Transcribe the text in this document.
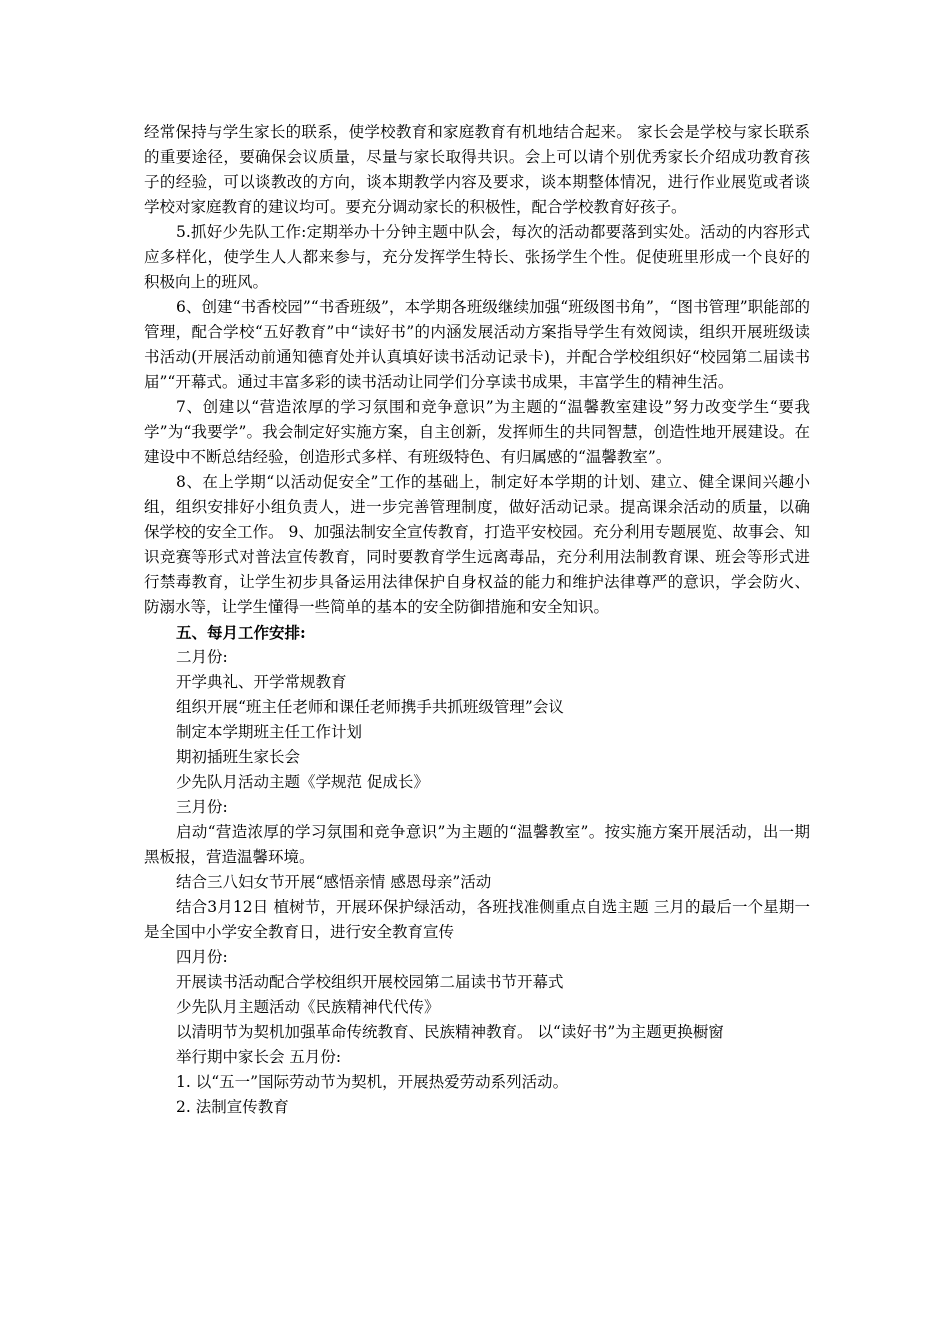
经常保持与学生家长的联系，使学校教育和家庭教育有机地结合起来。 家长会是学校与家长联系的重要途径，要确保会议质量，尽量与家长取得共识。会上可以请个别优秀家长介绍成功教育孩子的经验，可以谈教改的方向，谈本期教学内容及要求，谈本期整体情况，进行作业展览或者谈学校对家庭教育的建议均可。要充分调动家长的积极性，配合学校教育好孩子。

5.抓好少先队工作:定期举办十分钟主题中队会，每次的活动都要落到实处。活动的内容形式应多样化，使学生人人都来参与，充分发挥学生特长、张扬学生个性。促使班里形成一个良好的积极向上的班风。

6、创建“书香校园”“书香班级”，本学期各班级继续加强“班级图书角”，“图书管理”职能部的管理，配合学校“五好教育”中“读好书”的内涵发展活动方案指导学生有效阅读，组织开展班级读书活动(开展活动前通知德育处并认真填好读书活动记录卡)，并配合学校组织好“校园第二届读书届”“开幕式。通过丰富多彩的读书活动让同学们分享读书成果，丰富学生的精神生活。

7、创建以“营造浓厚的学习氛围和竞争意识”为主题的“温馨教室建设”努力改变学生“要我学”为“我要学”。我会制定好实施方案，自主创新，发挥师生的共同智慧，创造性地开展建设。在建设中不断总结经验，创造形式多样、有班级特色、有归属感的“温馨教室”。

8、在上学期“以活动促安全”工作的基础上，制定好本学期的计划、建立、健全课间兴趣小组，组织安排好小组负责人，进一步完善管理制度，做好活动记录。提高课余活动的质量，以确保学校的安全工作。 9、加强法制安全宣传教育，打造平安校园。充分利用专题展览、故事会、知识竞赛等形式对普法宣传教育，同时要教育学生远离毒品，充分利用法制教育课、班会等形式进行禁毒教育，让学生初步具备运用法律保护自身权益的能力和维护法律尊严的意识，学会防火、防溺水等，让学生懂得一些简单的基本的安全防御措施和安全知识。

五、每月工作安排:

二月份:

开学典礼、开学常规教育

组织开展“班主任老师和课任老师携手共抓班级管理”会议

制定本学期班主任工作计划

期初插班生家长会

少先队月活动主题《学规范 促成长》

三月份:

启动“营造浓厚的学习氛围和竞争意识”为主题的“温馨教室”。按实施方案开展活动，出一期黑板报，营造温馨环境。

结合三八妇女节开展“感悟亲情 感恩母亲”活动

结合3月12日 植树节，开展环保护绿活动，各班找准侧重点自选主题 三月的最后一个星期一是全国中小学安全教育日，进行安全教育宣传

四月份:

开展读书活动配合学校组织开展校园第二届读书节开幕式

少先队月主题活动《民族精神代代传》

以清明节为契机加强革命传统教育、民族精神教育。 以“读好书”为主题更换橱窗

举行期中家长会 五月份:

1. 以“五一”国际劳动节为契机，开展热爱劳动系列活动。

2. 法制宣传教育
